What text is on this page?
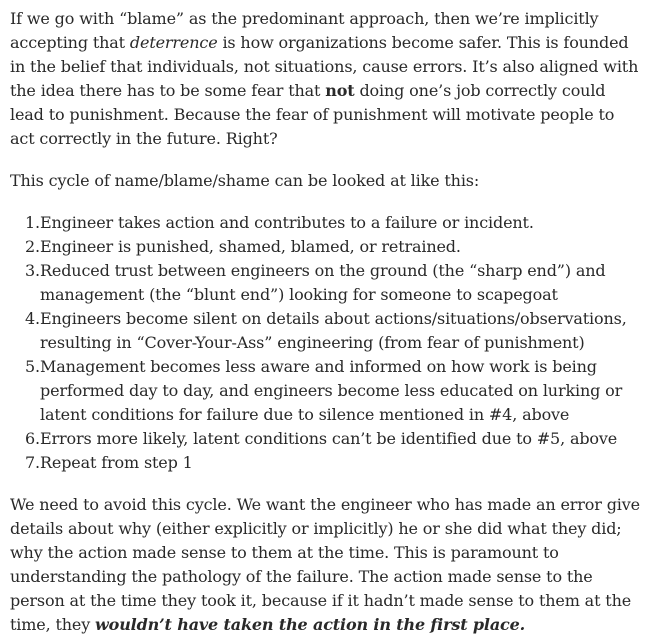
If we go with “blame” as the predominant approach, then we’re implicitly accepting that deterrence is how organizations become safer. This is founded in the belief that individuals, not situations, cause errors. It’s also aligned with the idea there has to be some fear that not doing one’s job correctly could lead to punishment. Because the fear of punishment will motivate people to act correctly in the future. Right?

This cycle of name/blame/shame can be looked at like this:

1. Engineer takes action and contributes to a failure or incident.
2. Engineer is punished, shamed, blamed, or retrained.
3. Reduced trust between engineers on the ground (the “sharp end”) and management (the “blunt end”) looking for someone to scapegoat
4. Engineers become silent on details about actions/situations/observations, resulting in “Cover-Your-Ass” engineering (from fear of punishment)
5. Management becomes less aware and informed on how work is being performed day to day, and engineers become less educated on lurking or latent conditions for failure due to silence mentioned in #4, above
6. Errors more likely, latent conditions can’t be identified due to #5, above
7. Repeat from step 1

We need to avoid this cycle. We want the engineer who has made an error give details about why (either explicitly or implicitly) he or she did what they did; why the action made sense to them at the time. This is paramount to understanding the pathology of the failure. The action made sense to the person at the time they took it, because if it hadn’t made sense to them at the time, they wouldn’t have taken the action in the first place.
